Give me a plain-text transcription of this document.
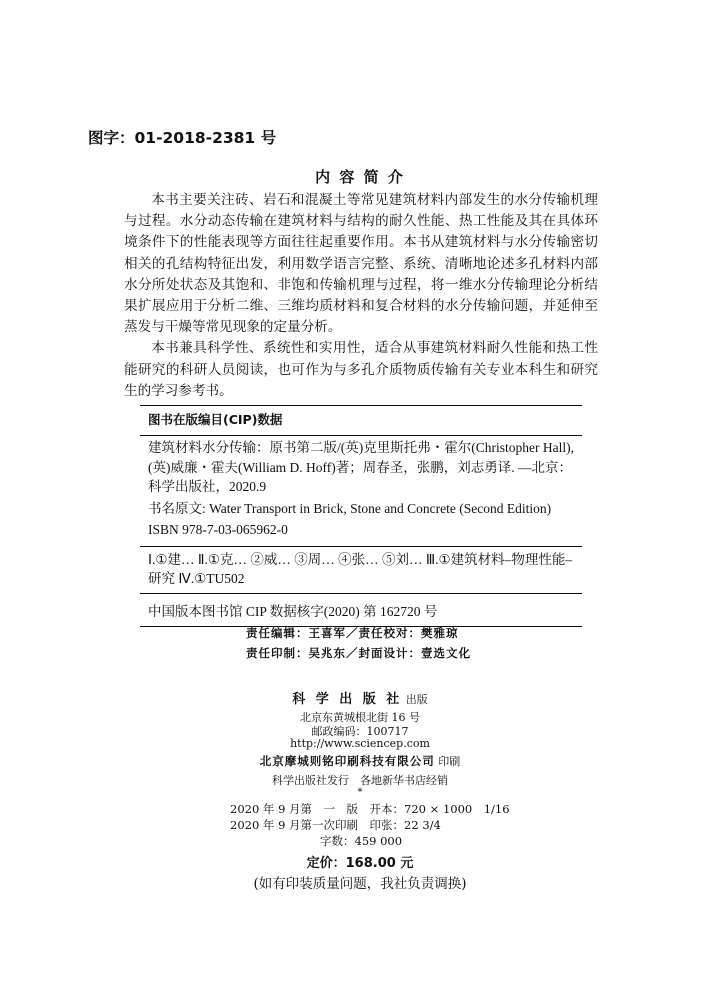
图字：01-2018-2381 号
内 容 简 介

本书主要关注砖、岩石和混凝土等常见建筑材料内部发生的水分传输机理与过程。水分动态传输在建筑材料与结构的耐久性能、热工性能及其在具体环境条件下的性能表现等方面往往起重要作用。本书从建筑材料与水分传输密切相关的孔结构特征出发，利用数学语言完整、系统、清晰地论述多孔材料内部水分所处状态及其饱和、非饱和传输机理与过程，将一维水分传输理论分析结果扩展应用于分析二维、三维均质材料和复合材料的水分传输问题，并延伸至蒸发与干燥等常见现象的定量分析。

本书兼具科学性、系统性和实用性，适合从事建筑材料耐久性能和热工性能研究的科研人员阅读，也可作为与多孔介质物质传输有关专业本科生和研究生的学习参考书。

图书在版编目(CIP)数据
建筑材料水分传输：原书第二版/(英)克里斯托弗・霍尔(Christopher Hall), (英)威廉・霍夫(William D. Hoff)著；周春圣，张鹏，刘志勇译. —北京：科学出版社，2020.9
书名原文: Water Transport in Brick, Stone and Concrete (Second Edition)
ISBN 978-7-03-065962-0
Ⅰ.①建… Ⅱ.①克… ②威… ③周… ④张… ⑤刘… Ⅲ.①建筑材料–物理性能–研究 Ⅳ.①TU502
中国版本图书馆 CIP 数据核字(2020) 第 162720 号
责任编辑：王喜军／责任校对：樊雅琼
责任印制：吴兆东／封面设计：壹选文化
科 学 出 版 社 出版
北京东黄城根北街 16 号
邮政编码：100717
http://www.sciencep.com
北京摩城则铭印刷科技有限公司 印刷
科学出版社发行　各地新华书店经销
*
2020 年 9 月第　一　版　开本：720 × 1000　1/16
2020 年 9 月第一次印刷　印张：22 3/4
字数：459 000
定价：168.00 元
(如有印装质量问题，我社负责调换)
